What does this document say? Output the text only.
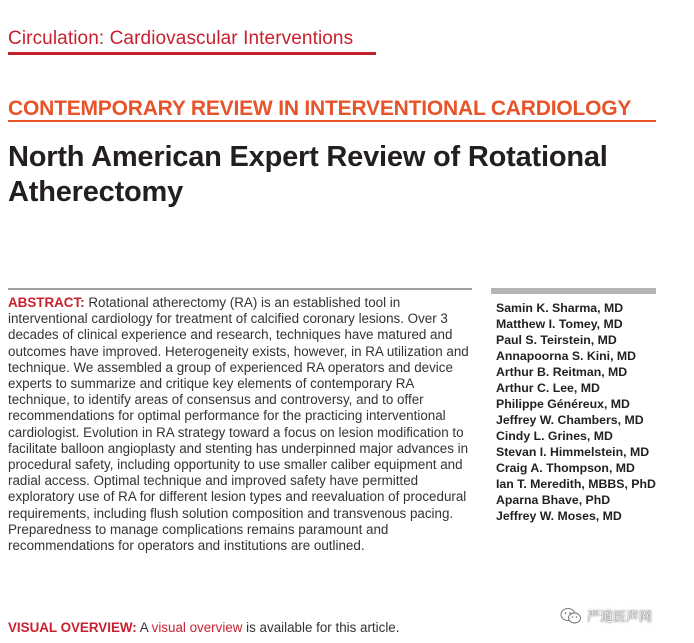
Circulation: Cardiovascular Interventions
CONTEMPORARY REVIEW IN INTERVENTIONAL CARDIOLOGY
North American Expert Review of Rotational Atherectomy

ABSTRACT: Rotational atherectomy (RA) is an established tool in interventional cardiology for treatment of calcified coronary lesions. Over 3 decades of clinical experience and research, techniques have matured and outcomes have improved. Heterogeneity exists, however, in RA utilization and technique. We assembled a group of experienced RA operators and device experts to summarize and critique key elements of contemporary RA technique, to identify areas of consensus and controversy, and to offer recommendations for optimal performance for the practicing interventional cardiologist. Evolution in RA strategy toward a focus on lesion modification to facilitate balloon angioplasty and stenting has underpinned major advances in procedural safety, including opportunity to use smaller caliber equipment and radial access. Optimal technique and improved safety have permitted exploratory use of RA for different lesion types and reevaluation of procedural requirements, including flush solution composition and transvenous pacing. Preparedness to manage complications remains paramount and recommendations for operators and institutions are outlined.

VISUAL OVERVIEW: A visual overview is available for this article.

Samin K. Sharma, MD
Matthew I. Tomey, MD
Paul S. Teirstein, MD
Annapoorna S. Kini, MD
Arthur B. Reitman, MD
Arthur C. Lee, MD
Philippe Généreux, MD
Jeffrey W. Chambers, MD
Cindy L. Grines, MD
Stevan I. Himmelstein, MD
Craig A. Thompson, MD
Ian T. Meredith, MBBS, PhD
Aparna Bhave, PhD
Jeffrey W. Moses, MD
严道医声网
